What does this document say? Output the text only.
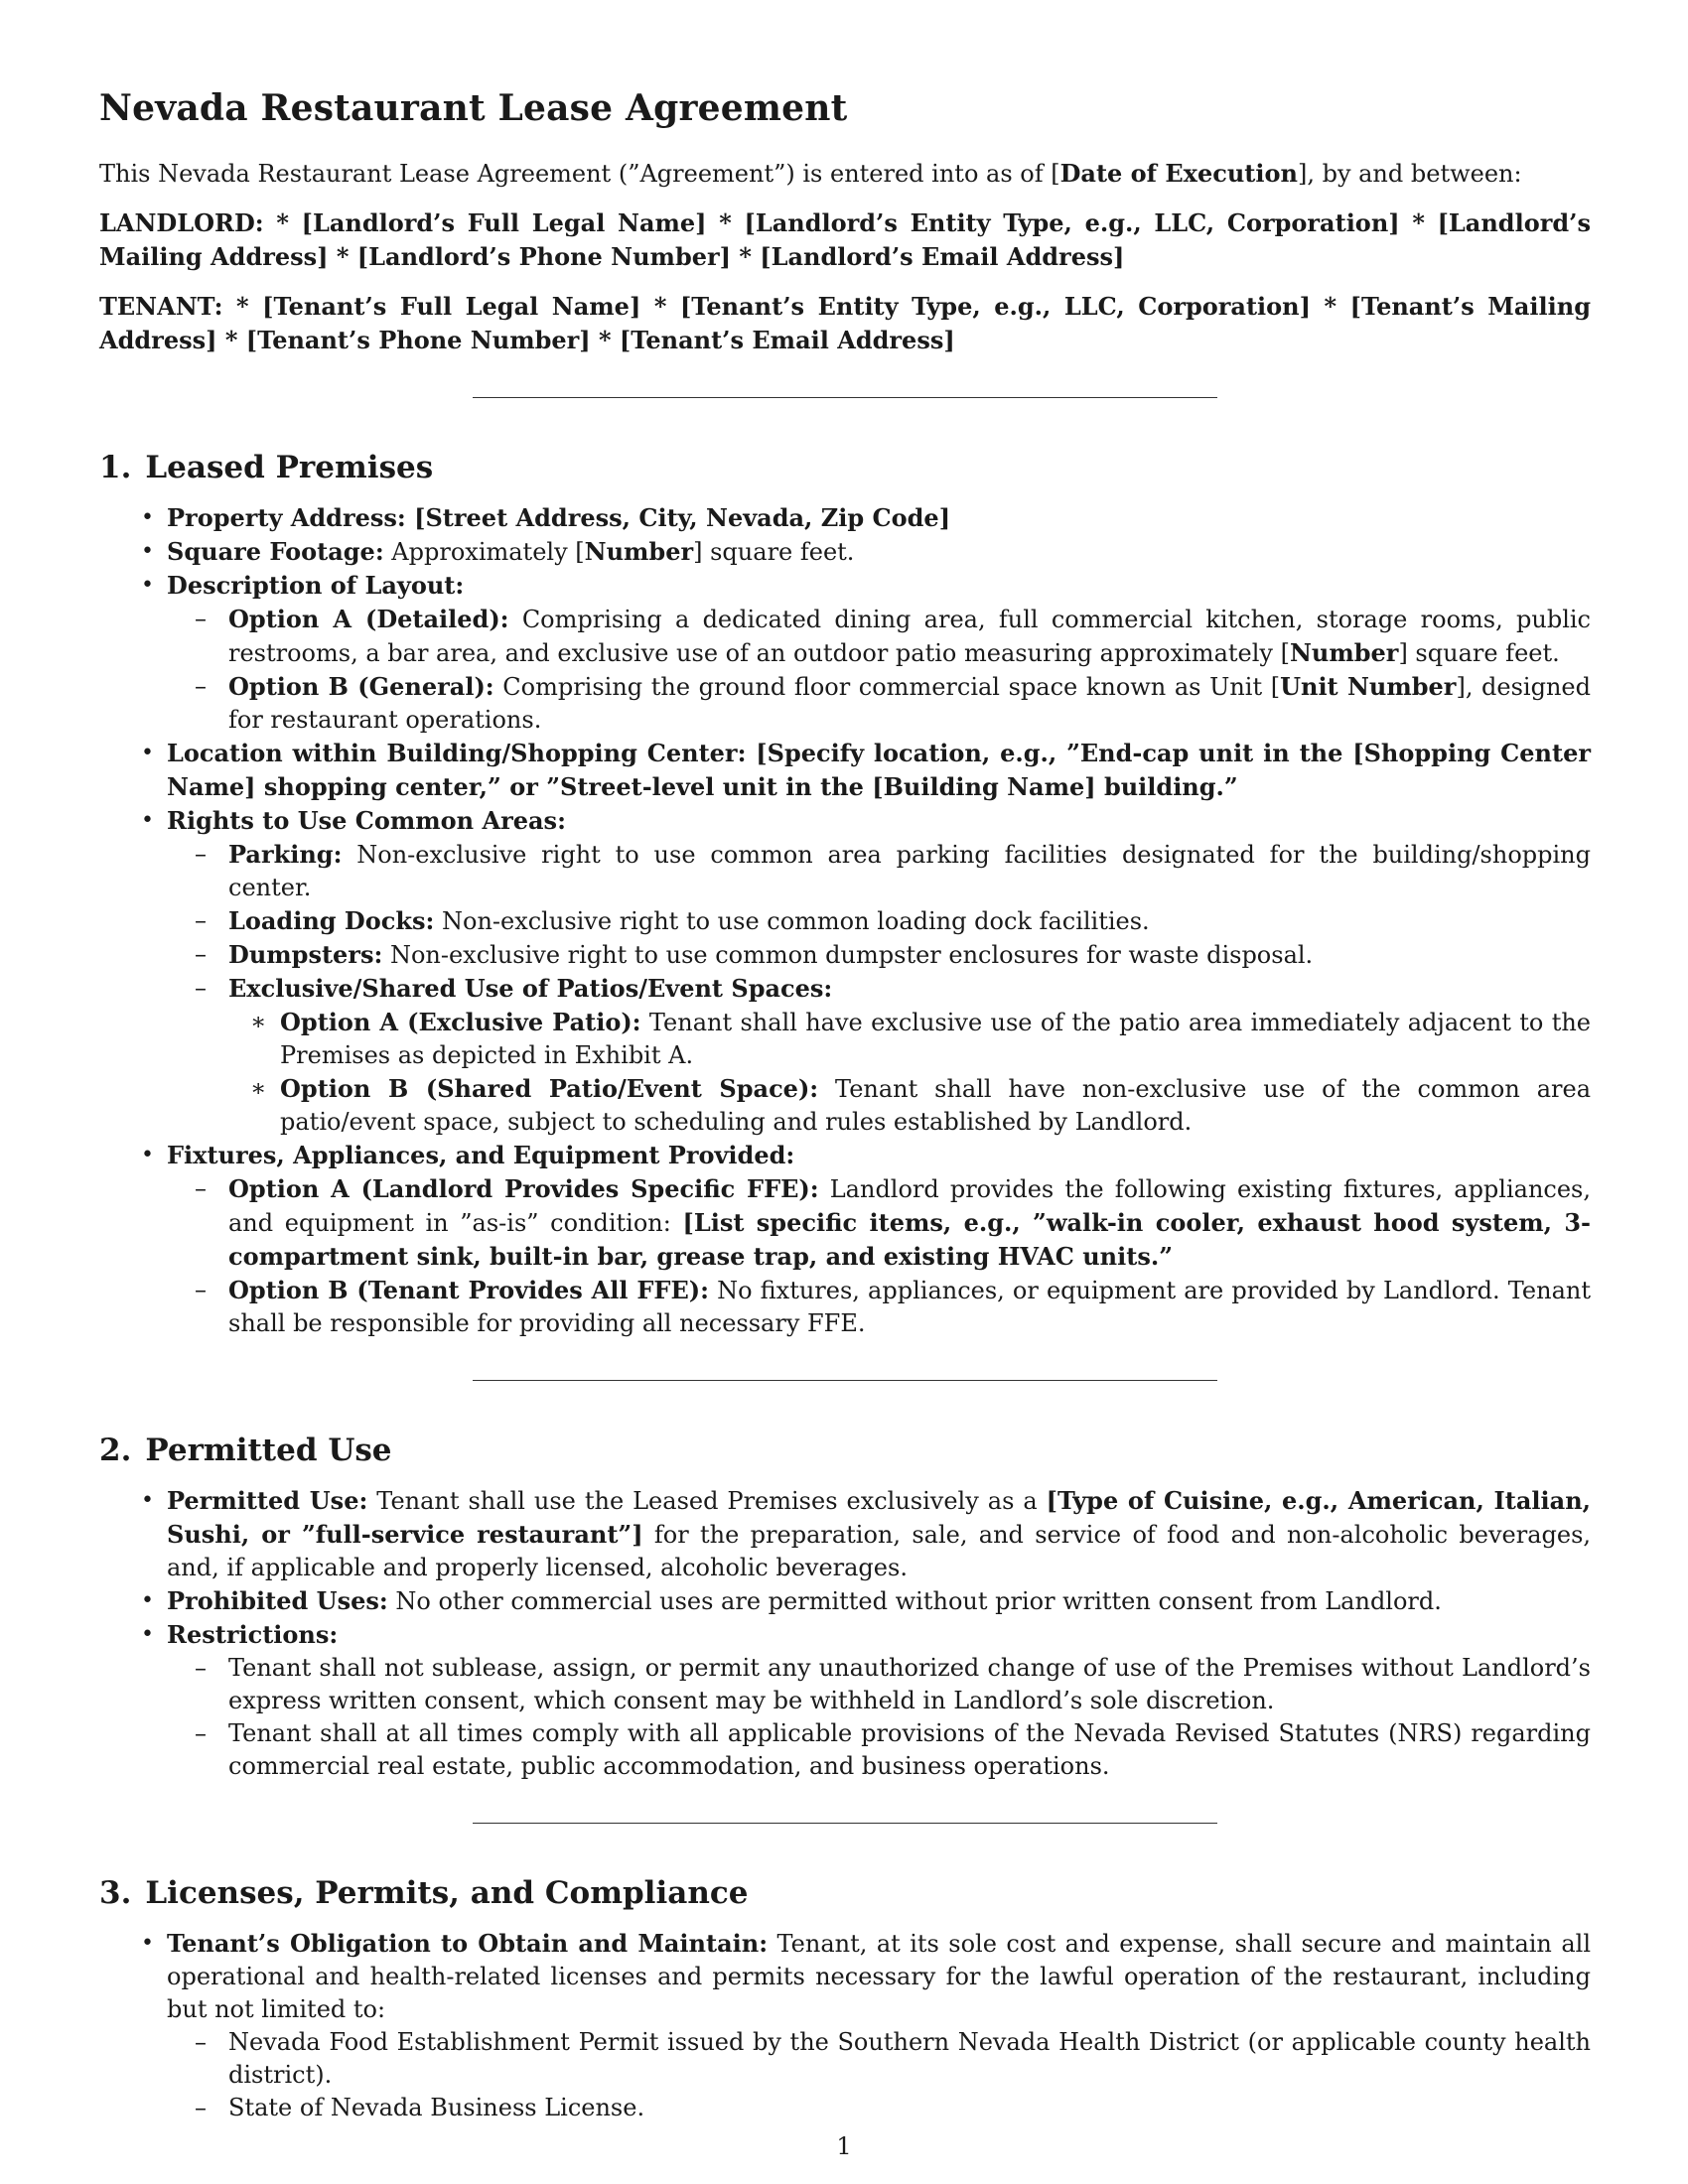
Nevada Restaurant Lease Agreement

This Nevada Restaurant Lease Agreement (”Agreement”) is entered into as of [Date of Execution], by and between:

LANDLORD: * [Landlord’s Full Legal Name] * [Landlord’s Entity Type, e.g., LLC, Corporation] * [Landlord’s Mailing Address] * [Landlord’s Phone Number] * [Landlord’s Email Address]

TENANT: * [Tenant’s Full Legal Name] * [Tenant’s Entity Type, e.g., LLC, Corporation] * [Tenant’s Mailing Address] * [Tenant’s Phone Number] * [Tenant’s Email Address]

1. Leased Premises
• Property Address: [Street Address, City, Nevada, Zip Code]
• Square Footage: Approximately [Number] square feet.
• Description of Layout:
– Option A (Detailed): Comprising a dedicated dining area, full commercial kitchen, storage rooms, public restrooms, a bar area, and exclusive use of an outdoor patio measuring approximately [Number] square feet.
– Option B (General): Comprising the ground floor commercial space known as Unit [Unit Number], designed for restaurant operations.
• Location within Building/Shopping Center: [Specify location, e.g., ”End-cap unit in the [Shopping Center Name] shopping center,” or ”Street-level unit in the [Building Name] building.”
• Rights to Use Common Areas:
– Parking: Non-exclusive right to use common area parking facilities designated for the building/shopping center.
– Loading Docks: Non-exclusive right to use common loading dock facilities.
– Dumpsters: Non-exclusive right to use common dumpster enclosures for waste disposal.
– Exclusive/Shared Use of Patios/Event Spaces:
∗ Option A (Exclusive Patio): Tenant shall have exclusive use of the patio area immediately adjacent to the Premises as depicted in Exhibit A.
∗ Option B (Shared Patio/Event Space): Tenant shall have non-exclusive use of the common area patio/event space, subject to scheduling and rules established by Landlord.
• Fixtures, Appliances, and Equipment Provided:
– Option A (Landlord Provides Specific FFE): Landlord provides the following existing fixtures, appliances, and equipment in ”as-is” condition: [List specific items, e.g., ”walk-in cooler, exhaust hood system, 3-compartment sink, built-in bar, grease trap, and existing HVAC units.”
– Option B (Tenant Provides All FFE): No fixtures, appliances, or equipment are provided by Landlord. Tenant shall be responsible for providing all necessary FFE.
2. Permitted Use
• Permitted Use: Tenant shall use the Leased Premises exclusively as a [Type of Cuisine, e.g., American, Italian, Sushi, or ”full-service restaurant”] for the preparation, sale, and service of food and non-alcoholic beverages, and, if applicable and properly licensed, alcoholic beverages.
• Prohibited Uses: No other commercial uses are permitted without prior written consent from Landlord.
• Restrictions:
– Tenant shall not sublease, assign, or permit any unauthorized change of use of the Premises without Landlord’s express written consent, which consent may be withheld in Landlord’s sole discretion.
– Tenant shall at all times comply with all applicable provisions of the Nevada Revised Statutes (NRS) regarding commercial real estate, public accommodation, and business operations.
3. Licenses, Permits, and Compliance
• Tenant’s Obligation to Obtain and Maintain: Tenant, at its sole cost and expense, shall secure and maintain all operational and health-related licenses and permits necessary for the lawful operation of the restaurant, including but not limited to:
– Nevada Food Establishment Permit issued by the Southern Nevada Health District (or applicable county health district).
– State of Nevada Business License.
1
